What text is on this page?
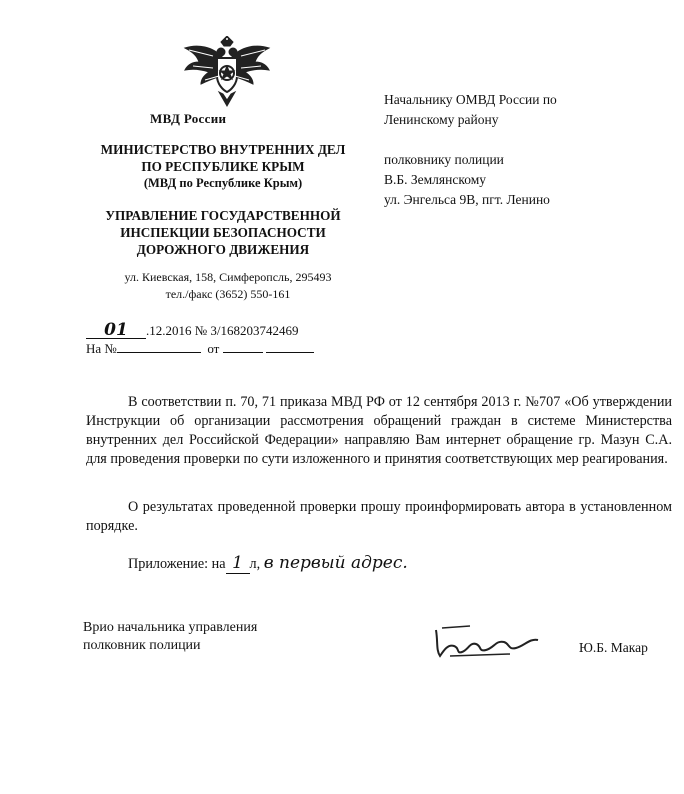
МВД России
МИНИСТЕРСТВО ВНУТРЕННИХ ДЕЛ
ПО РЕСПУБЛИКЕ КРЫМ
(МВД по Республике Крым)
УПРАВЛЕНИЕ ГОСУДАРСТВЕННОЙ
ИНСПЕКЦИИ БЕЗОПАСНОСТИ
ДОРОЖНОГО ДВИЖЕНИЯ
ул. Киевская, 158, Симферопсль, 295493
тел./факс (3652) 550-161
01 .12.2016 № 3/168203742469
На №	от
Начальнику ОМВД России по
Ленинскому району
полковнику полиции
В.Б. Землянскому
ул. Энгельса 9В, пгт. Ленино
В соответствии п. 70, 71 приказа МВД РФ от 12 сентября 2013 г. №707 «Об утверждении Инструкции об организации рассмотрения обращений граждан в системе Министерства внутренних дел Российской Федерации» направляю Вам интернет обращение гр. Мазун С.А. для проведения проверки по сути изложенного и принятия соответствующих мер реагирования.
О результатах проведенной проверки прошу проинформировать автора в установленном порядке.
Приложение: на 1 л, в первый адрес.
Врио начальника управления
полковник полиции	Ю.Б. Макар
